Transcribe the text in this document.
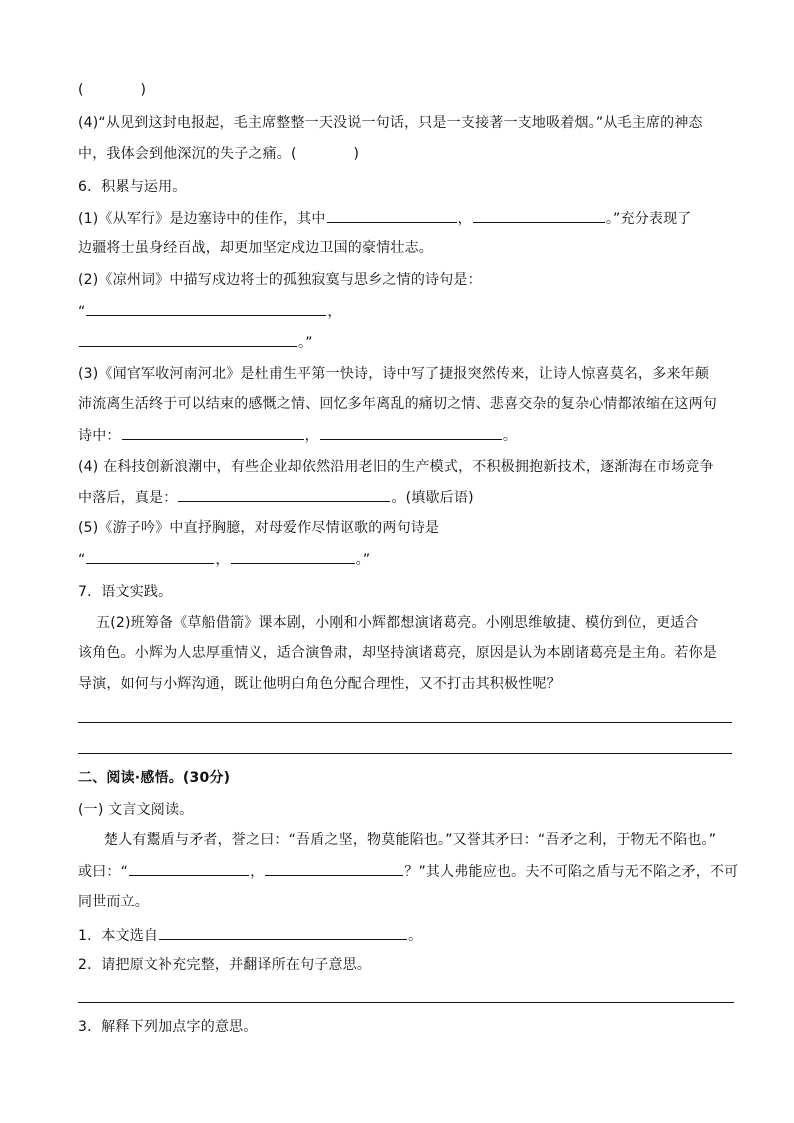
(　　　　)
(4)“从见到这封电报起，毛主席整整一天没说一句话，只是一支接著一支地吸着烟。”从毛主席的神态
中，我体会到他深沉的失子之痛。(　　　　)
6．积累与运用。
(1)《从军行》是边塞诗中的佳作，其中	，	。”充分表现了
边疆将士虽身经百战，却更加坚定戍边卫国的豪情壮志。
(2)《凉州词》中描写戍边将士的孤独寂寞与思乡之情的诗句是：
“	，
。”
(3)《闻官军收河南河北》是杜甫生平第一快诗，诗中写了捷报突然传来，让诗人惊喜莫名，多来年颠
沛流离生活终于可以结束的感慨之情、回忆多年离乱的痛切之情、悲喜交杂的复杂心情都浓缩在这两句
诗中：	，	。
(4) 在科技创新浪潮中，有些企业却依然沿用老旧的生产模式，不积极拥抱新技术，逐渐海在市场竞争
中落后，真是：	。(填歇后语)
(5)《游子吟》中直抒胸臆，对母爱作尽情讴歌的两句诗是
“	，	。”
7．语文实践。
五(2)班筹备《草船借箭》课本剧，小刚和小辉都想演诸葛亮。小刚思维敏捷、模仿到位，更适合
该角色。小辉为人忠厚重情义，适合演鲁肃，却坚持演诸葛亮，原因是认为本剧诸葛亮是主角。若你是
导演，如何与小辉沟通，既让他明白角色分配合理性，又不打击其积极性呢？
二、阅读·感悟。(30分)
(一) 文言文阅读。
楚人有鬻盾与矛者，誉之曰：“吾盾之坚，物莫能陷也。”又誉其矛曰：“吾矛之利，于物无不陷也。”
或曰：“	，	？”其人弗能应也。夫不可陷之盾与无不陷之矛，不可
同世而立。
1．本文选自	。
2．请把原文补充完整，并翻译所在句子意思。
3．解释下列加点字的意思。
